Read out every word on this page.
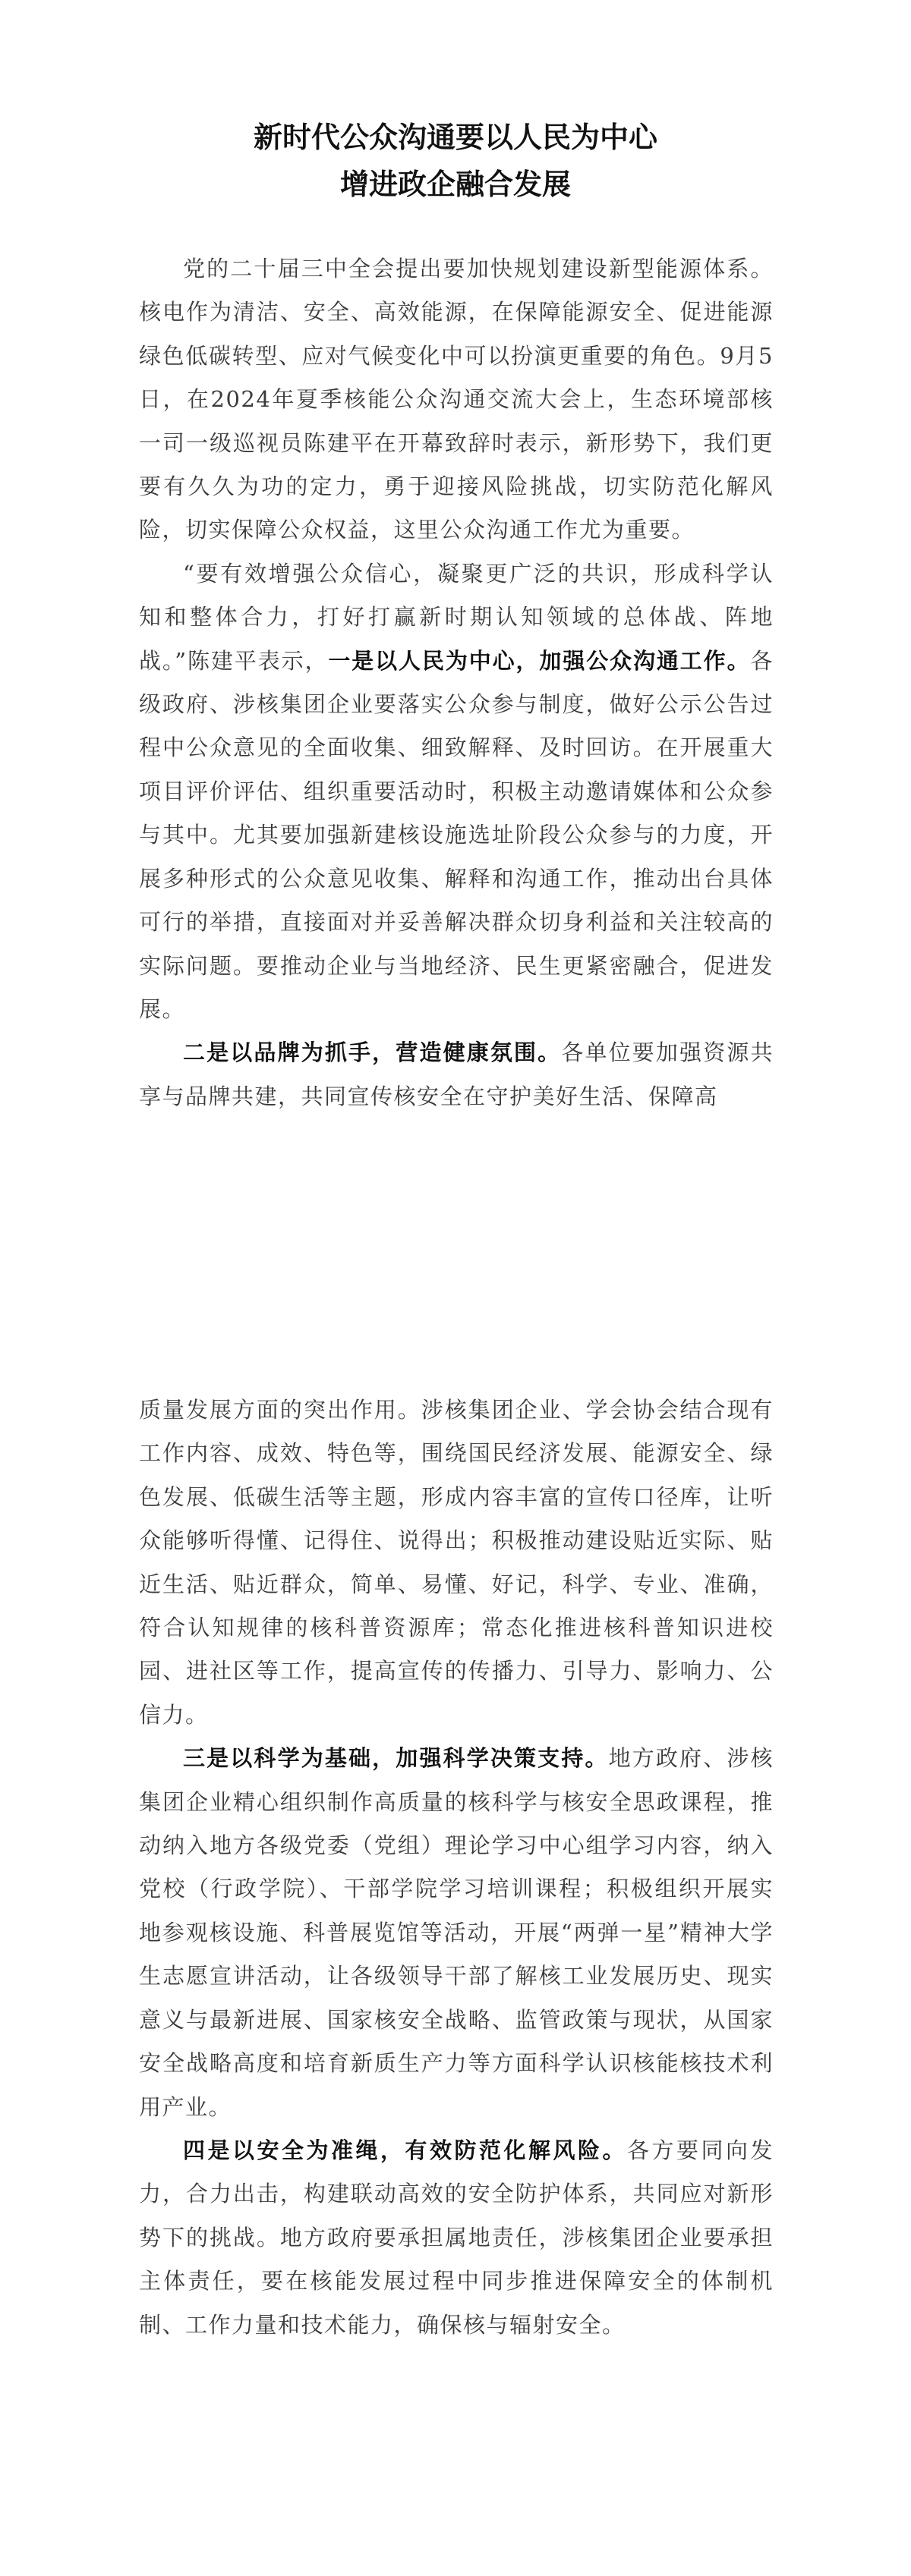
新时代公众沟通要以人民为中心
增进政企融合发展

党的二十届三中全会提出要加快规划建设新型能源体系。核电作为清洁、安全、高效能源，在保障能源安全、促进能源绿色低碳转型、应对气候变化中可以扮演更重要的角色。9月5日，在2024年夏季核能公众沟通交流大会上，生态环境部核一司一级巡视员陈建平在开幕致辞时表示，新形势下，我们更要有久久为功的定力，勇于迎接风险挑战，切实防范化解风险，切实保障公众权益，这里公众沟通工作尤为重要。

“要有效增强公众信心，凝聚更广泛的共识，形成科学认知和整体合力，打好打赢新时期认知领域的总体战、阵地战。”陈建平表示，一是以人民为中心，加强公众沟通工作。各级政府、涉核集团企业要落实公众参与制度，做好公示公告过程中公众意见的全面收集、细致解释、及时回访。在开展重大项目评价评估、组织重要活动时，积极主动邀请媒体和公众参与其中。尤其要加强新建核设施选址阶段公众参与的力度，开展多种形式的公众意见收集、解释和沟通工作，推动出台具体可行的举措，直接面对并妥善解决群众切身利益和关注较高的实际问题。要推动企业与当地经济、民生更紧密融合，促进发展。

二是以品牌为抓手，营造健康氛围。各单位要加强资源共享与品牌共建，共同宣传核安全在守护美好生活、保障高

质量发展方面的突出作用。涉核集团企业、学会协会结合现有工作内容、成效、特色等，围绕国民经济发展、能源安全、绿色发展、低碳生活等主题，形成内容丰富的宣传口径库，让听众能够听得懂、记得住、说得出；积极推动建设贴近实际、贴近生活、贴近群众，简单、易懂、好记，科学、专业、准确，符合认知规律的核科普资源库；常态化推进核科普知识进校园、进社区等工作，提高宣传的传播力、引导力、影响力、公信力。

三是以科学为基础，加强科学决策支持。地方政府、涉核集团企业精心组织制作高质量的核科学与核安全思政课程，推动纳入地方各级党委（党组）理论学习中心组学习内容，纳入党校（行政学院）、干部学院学习培训课程；积极组织开展实地参观核设施、科普展览馆等活动，开展“两弹一星”精神大学生志愿宣讲活动，让各级领导干部了解核工业发展历史、现实意义与最新进展、国家核安全战略、监管政策与现状，从国家安全战略高度和培育新质生产力等方面科学认识核能核技术利用产业。

四是以安全为准绳，有效防范化解风险。各方要同向发力，合力出击，构建联动高效的安全防护体系，共同应对新形势下的挑战。地方政府要承担属地责任，涉核集团企业要承担主体责任，要在核能发展过程中同步推进保障安全的体制机制、工作力量和技术能力，确保核与辐射安全。
